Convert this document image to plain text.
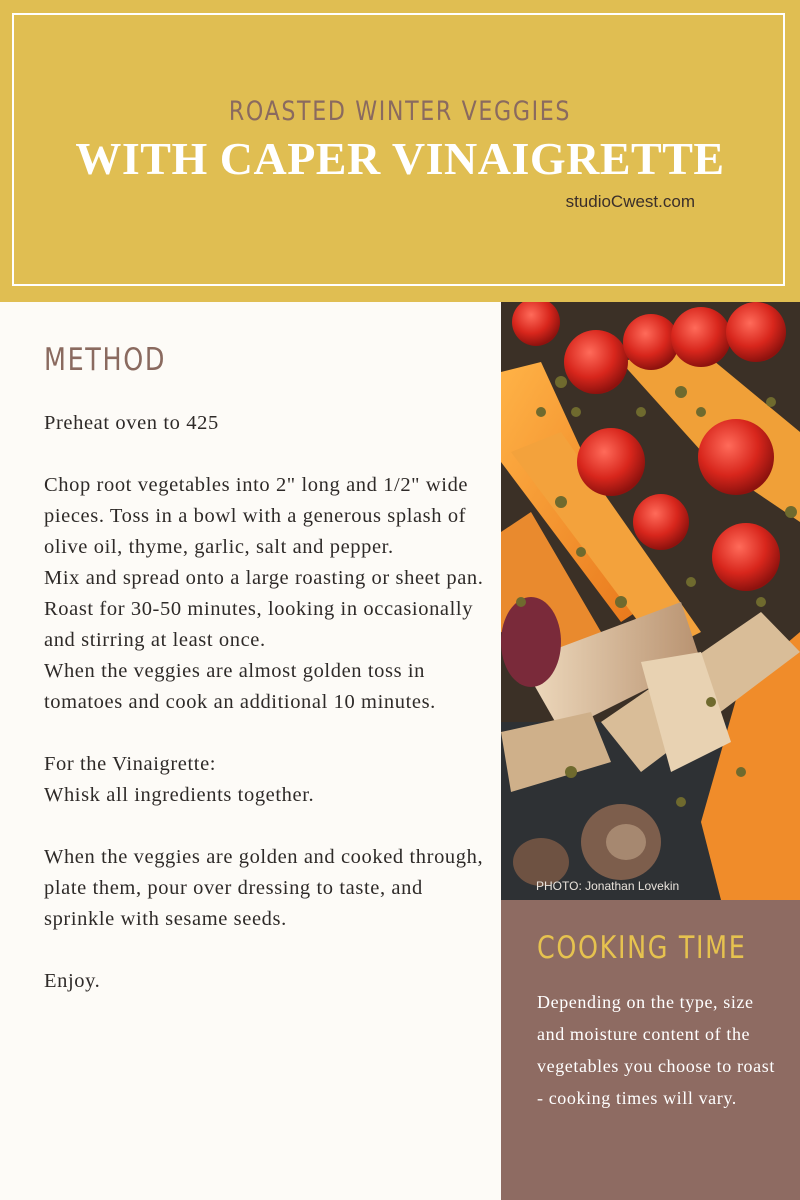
ROASTED WINTER VEGGIES
WITH CAPER VINAIGRETTE
studioCwest.com
METHOD

Preheat oven to 425

Chop root vegetables into 2" long and 1/2" wide pieces. Toss in a bowl with a generous splash of olive oil, thyme, garlic, salt and pepper.

Mix and spread onto a large roasting or sheet pan.

Roast for 30-50 minutes, looking in occasionally and stirring at least once.

When the veggies are almost golden toss in tomatoes and cook an additional 10 minutes.

For the Vinaigrette:

Whisk all ingredients together.

When the veggies are golden and cooked through, plate them, pour over dressing to taste, and sprinkle with sesame seeds.

Enjoy.

PHOTO: Jonathan Lovekin
COOKING TIME
Depending on the type, size and moisture content of the vegetables you choose to roast - cooking times will vary.
